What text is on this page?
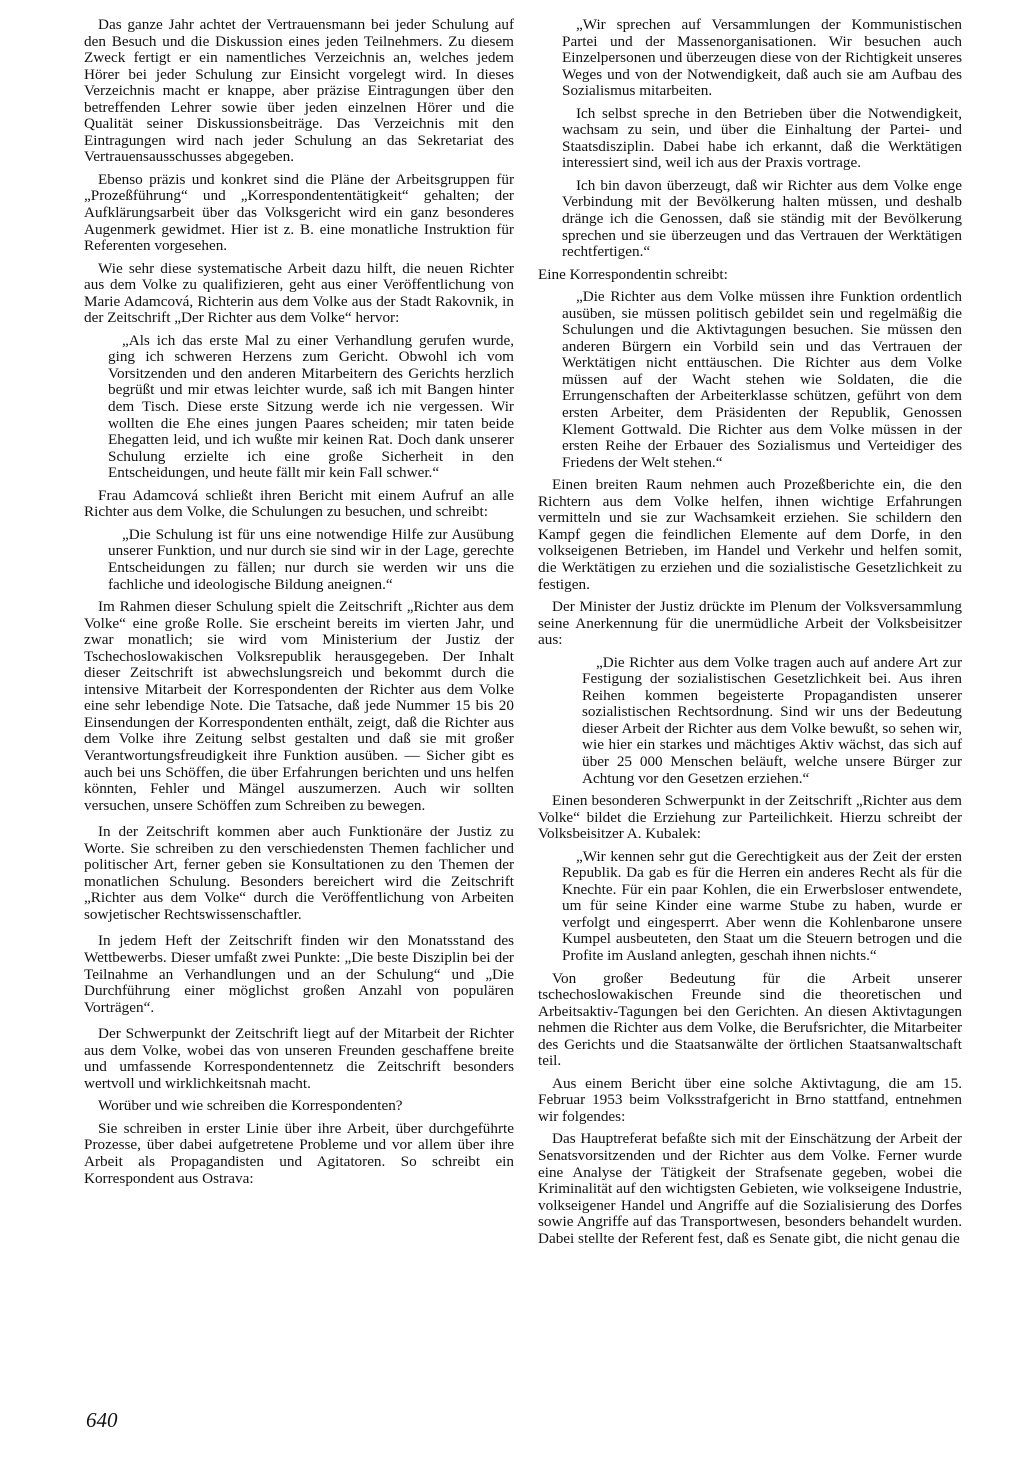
Das ganze Jahr achtet der Vertrauensmann bei jeder Schulung auf den Besuch und die Diskussion eines jeden Teilnehmers. Zu diesem Zweck fertigt er ein namentliches Verzeichnis an, welches jedem Hörer bei jeder Schulung zur Einsicht vorgelegt wird. In dieses Verzeichnis macht er knappe, aber präzise Eintragungen über den betreffenden Lehrer sowie über jeden einzelnen Hörer und die Qualität seiner Diskussionsbeiträge. Das Verzeichnis mit den Eintragungen wird nach jeder Schulung an das Sekretariat des Vertrauensausschusses abgegeben.

Ebenso präzis und konkret sind die Pläne der Arbeitsgruppen für „Prozeßführung“ und „Korrespondententätigkeit“ gehalten; der Aufklärungsarbeit über das Volksgericht wird ein ganz besonderes Augenmerk gewidmet. Hier ist z. B. eine monatliche Instruktion für Referenten vorgesehen.

Wie sehr diese systematische Arbeit dazu hilft, die neuen Richter aus dem Volke zu qualifizieren, geht aus einer Veröffentlichung von Marie Adamcová, Richterin aus dem Volke aus der Stadt Rakovnik, in der Zeitschrift „Der Richter aus dem Volke“ hervor:

„Als ich das erste Mal zu einer Verhandlung gerufen wurde, ging ich schweren Herzens zum Gericht. Obwohl ich vom Vorsitzenden und den anderen Mitarbeitern des Gerichts herzlich begrüßt und mir etwas leichter wurde, saß ich mit Bangen hinter dem Tisch. Diese erste Sitzung werde ich nie vergessen. Wir wollten die Ehe eines jungen Paares scheiden; mir taten beide Ehegatten leid, und ich wußte mir keinen Rat. Doch dank unserer Schulung erzielte ich eine große Sicherheit in den Entscheidungen, und heute fällt mir kein Fall schwer.“

Frau Adamcová schließt ihren Bericht mit einem Aufruf an alle Richter aus dem Volke, die Schulungen zu besuchen, und schreibt:

„Die Schulung ist für uns eine notwendige Hilfe zur Ausübung unserer Funktion, und nur durch sie sind wir in der Lage, gerechte Entscheidungen zu fällen; nur durch sie werden wir uns die fachliche und ideologische Bildung aneignen.“

Im Rahmen dieser Schulung spielt die Zeitschrift „Richter aus dem Volke“ eine große Rolle. Sie erscheint bereits im vierten Jahr, und zwar monatlich; sie wird vom Ministerium der Justiz der Tschechoslowakischen Volksrepublik herausgegeben. Der Inhalt dieser Zeitschrift ist abwechslungsreich und bekommt durch die intensive Mitarbeit der Korrespondenten der Richter aus dem Volke eine sehr lebendige Note. Die Tatsache, daß jede Nummer 15 bis 20 Einsendungen der Korrespondenten enthält, zeigt, daß die Richter aus dem Volke ihre Zeitung selbst gestalten und daß sie mit großer Verantwortungsfreudigkeit ihre Funktion ausüben. — Sicher gibt es auch bei uns Schöffen, die über Erfahrungen berichten und uns helfen könnten, Fehler und Mängel auszumerzen. Auch wir sollten versuchen, unsere Schöffen zum Schreiben zu bewegen.

In der Zeitschrift kommen aber auch Funktionäre der Justiz zu Worte. Sie schreiben zu den verschiedensten Themen fachlicher und politischer Art, ferner geben sie Konsultationen zu den Themen der monatlichen Schulung. Besonders bereichert wird die Zeitschrift „Richter aus dem Volke“ durch die Veröffentlichung von Arbeiten sowjetischer Rechtswissenschaftler.

In jedem Heft der Zeitschrift finden wir den Monatsstand des Wettbewerbs. Dieser umfaßt zwei Punkte: „Die beste Disziplin bei der Teilnahme an Verhandlungen und an der Schulung“ und „Die Durchführung einer möglichst großen Anzahl von populären Vorträgen“.

Der Schwerpunkt der Zeitschrift liegt auf der Mitarbeit der Richter aus dem Volke, wobei das von unseren Freunden geschaffene breite und umfassende Korrespondentennetz die Zeitschrift besonders wertvoll und wirklichkeitsnah macht.

Worüber und wie schreiben die Korrespondenten?

Sie schreiben in erster Linie über ihre Arbeit, über durchgeführte Prozesse, über dabei aufgetretene Probleme und vor allem über ihre Arbeit als Propagandisten und Agitatoren. So schreibt ein Korrespondent aus Ostrava:

„Wir sprechen auf Versammlungen der Kommunistischen Partei und der Massenorganisationen. Wir besuchen auch Einzelpersonen und überzeugen diese von der Richtigkeit unseres Weges und von der Notwendigkeit, daß auch sie am Aufbau des Sozialismus mitarbeiten.

Ich selbst spreche in den Betrieben über die Notwendigkeit, wachsam zu sein, und über die Einhaltung der Partei- und Staatsdisziplin. Dabei habe ich erkannt, daß die Werktätigen interessiert sind, weil ich aus der Praxis vortrage.

Ich bin davon überzeugt, daß wir Richter aus dem Volke enge Verbindung mit der Bevölkerung halten müssen, und deshalb dränge ich die Genossen, daß sie ständig mit der Bevölkerung sprechen und sie überzeugen und das Vertrauen der Werktätigen rechtfertigen.“

Eine Korrespondentin schreibt:

„Die Richter aus dem Volke müssen ihre Funktion ordentlich ausüben, sie müssen politisch gebildet sein und regelmäßig die Schulungen und die Aktivtagungen besuchen. Sie müssen den anderen Bürgern ein Vorbild sein und das Vertrauen der Werktätigen nicht enttäuschen. Die Richter aus dem Volke müssen auf der Wacht stehen wie Soldaten, die die Errungenschaften der Arbeiterklasse schützen, geführt von dem ersten Arbeiter, dem Präsidenten der Republik, Genossen Klement Gottwald. Die Richter aus dem Volke müssen in der ersten Reihe der Erbauer des Sozialismus und Verteidiger des Friedens der Welt stehen.“

Einen breiten Raum nehmen auch Prozeßberichte ein, die den Richtern aus dem Volke helfen, ihnen wichtige Erfahrungen vermitteln und sie zur Wachsamkeit erziehen. Sie schildern den Kampf gegen die feindlichen Elemente auf dem Dorfe, in den volkseigenen Betrieben, im Handel und Verkehr und helfen somit, die Werktätigen zu erziehen und die sozialistische Gesetzlichkeit zu festigen.

Der Minister der Justiz drückte im Plenum der Volksversammlung seine Anerkennung für die unermüdliche Arbeit der Volksbeisitzer aus:

„Die Richter aus dem Volke tragen auch auf andere Art zur Festigung der sozialistischen Gesetzlichkeit bei. Aus ihren Reihen kommen begeisterte Propagandisten unserer sozialistischen Rechtsordnung. Sind wir uns der Bedeutung dieser Arbeit der Richter aus dem Volke bewußt, so sehen wir, wie hier ein starkes und mächtiges Aktiv wächst, das sich auf über 25 000 Menschen beläuft, welche unsere Bürger zur Achtung vor den Gesetzen erziehen.“

Einen besonderen Schwerpunkt in der Zeitschrift „Richter aus dem Volke“ bildet die Erziehung zur Parteilichkeit. Hierzu schreibt der Volksbeisitzer A. Kubalek:

„Wir kennen sehr gut die Gerechtigkeit aus der Zeit der ersten Republik. Da gab es für die Herren ein anderes Recht als für die Knechte. Für ein paar Kohlen, die ein Erwerbsloser entwendete, um für seine Kinder eine warme Stube zu haben, wurde er verfolgt und eingesperrt. Aber wenn die Kohlenbarone unsere Kumpel ausbeuteten, den Staat um die Steuern betrogen und die Profite im Ausland anlegten, geschah ihnen nichts.“

Von großer Bedeutung für die Arbeit unserer tschechoslowakischen Freunde sind die theoretischen und Arbeitsaktiv-Tagungen bei den Gerichten. An diesen Aktivtagungen nehmen die Richter aus dem Volke, die Berufsrichter, die Mitarbeiter des Gerichts und die Staatsanwälte der örtlichen Staatsanwaltschaft teil.

Aus einem Bericht über eine solche Aktivtagung, die am 15. Februar 1953 beim Volksstrafgericht in Brno stattfand, entnehmen wir folgendes:

Das Hauptreferat befaßte sich mit der Einschätzung der Arbeit der Senatsvorsitzenden und der Richter aus dem Volke. Ferner wurde eine Analyse der Tätigkeit der Strafsenate gegeben, wobei die Kriminalität auf den wichtigsten Gebieten, wie volkseigene Industrie, volkseigener Handel und Angriffe auf die Sozialisierung des Dorfes sowie Angriffe auf das Transportwesen, besonders behandelt wurden. Dabei stellte der Referent fest, daß es Senate gibt, die nicht genau die

640
